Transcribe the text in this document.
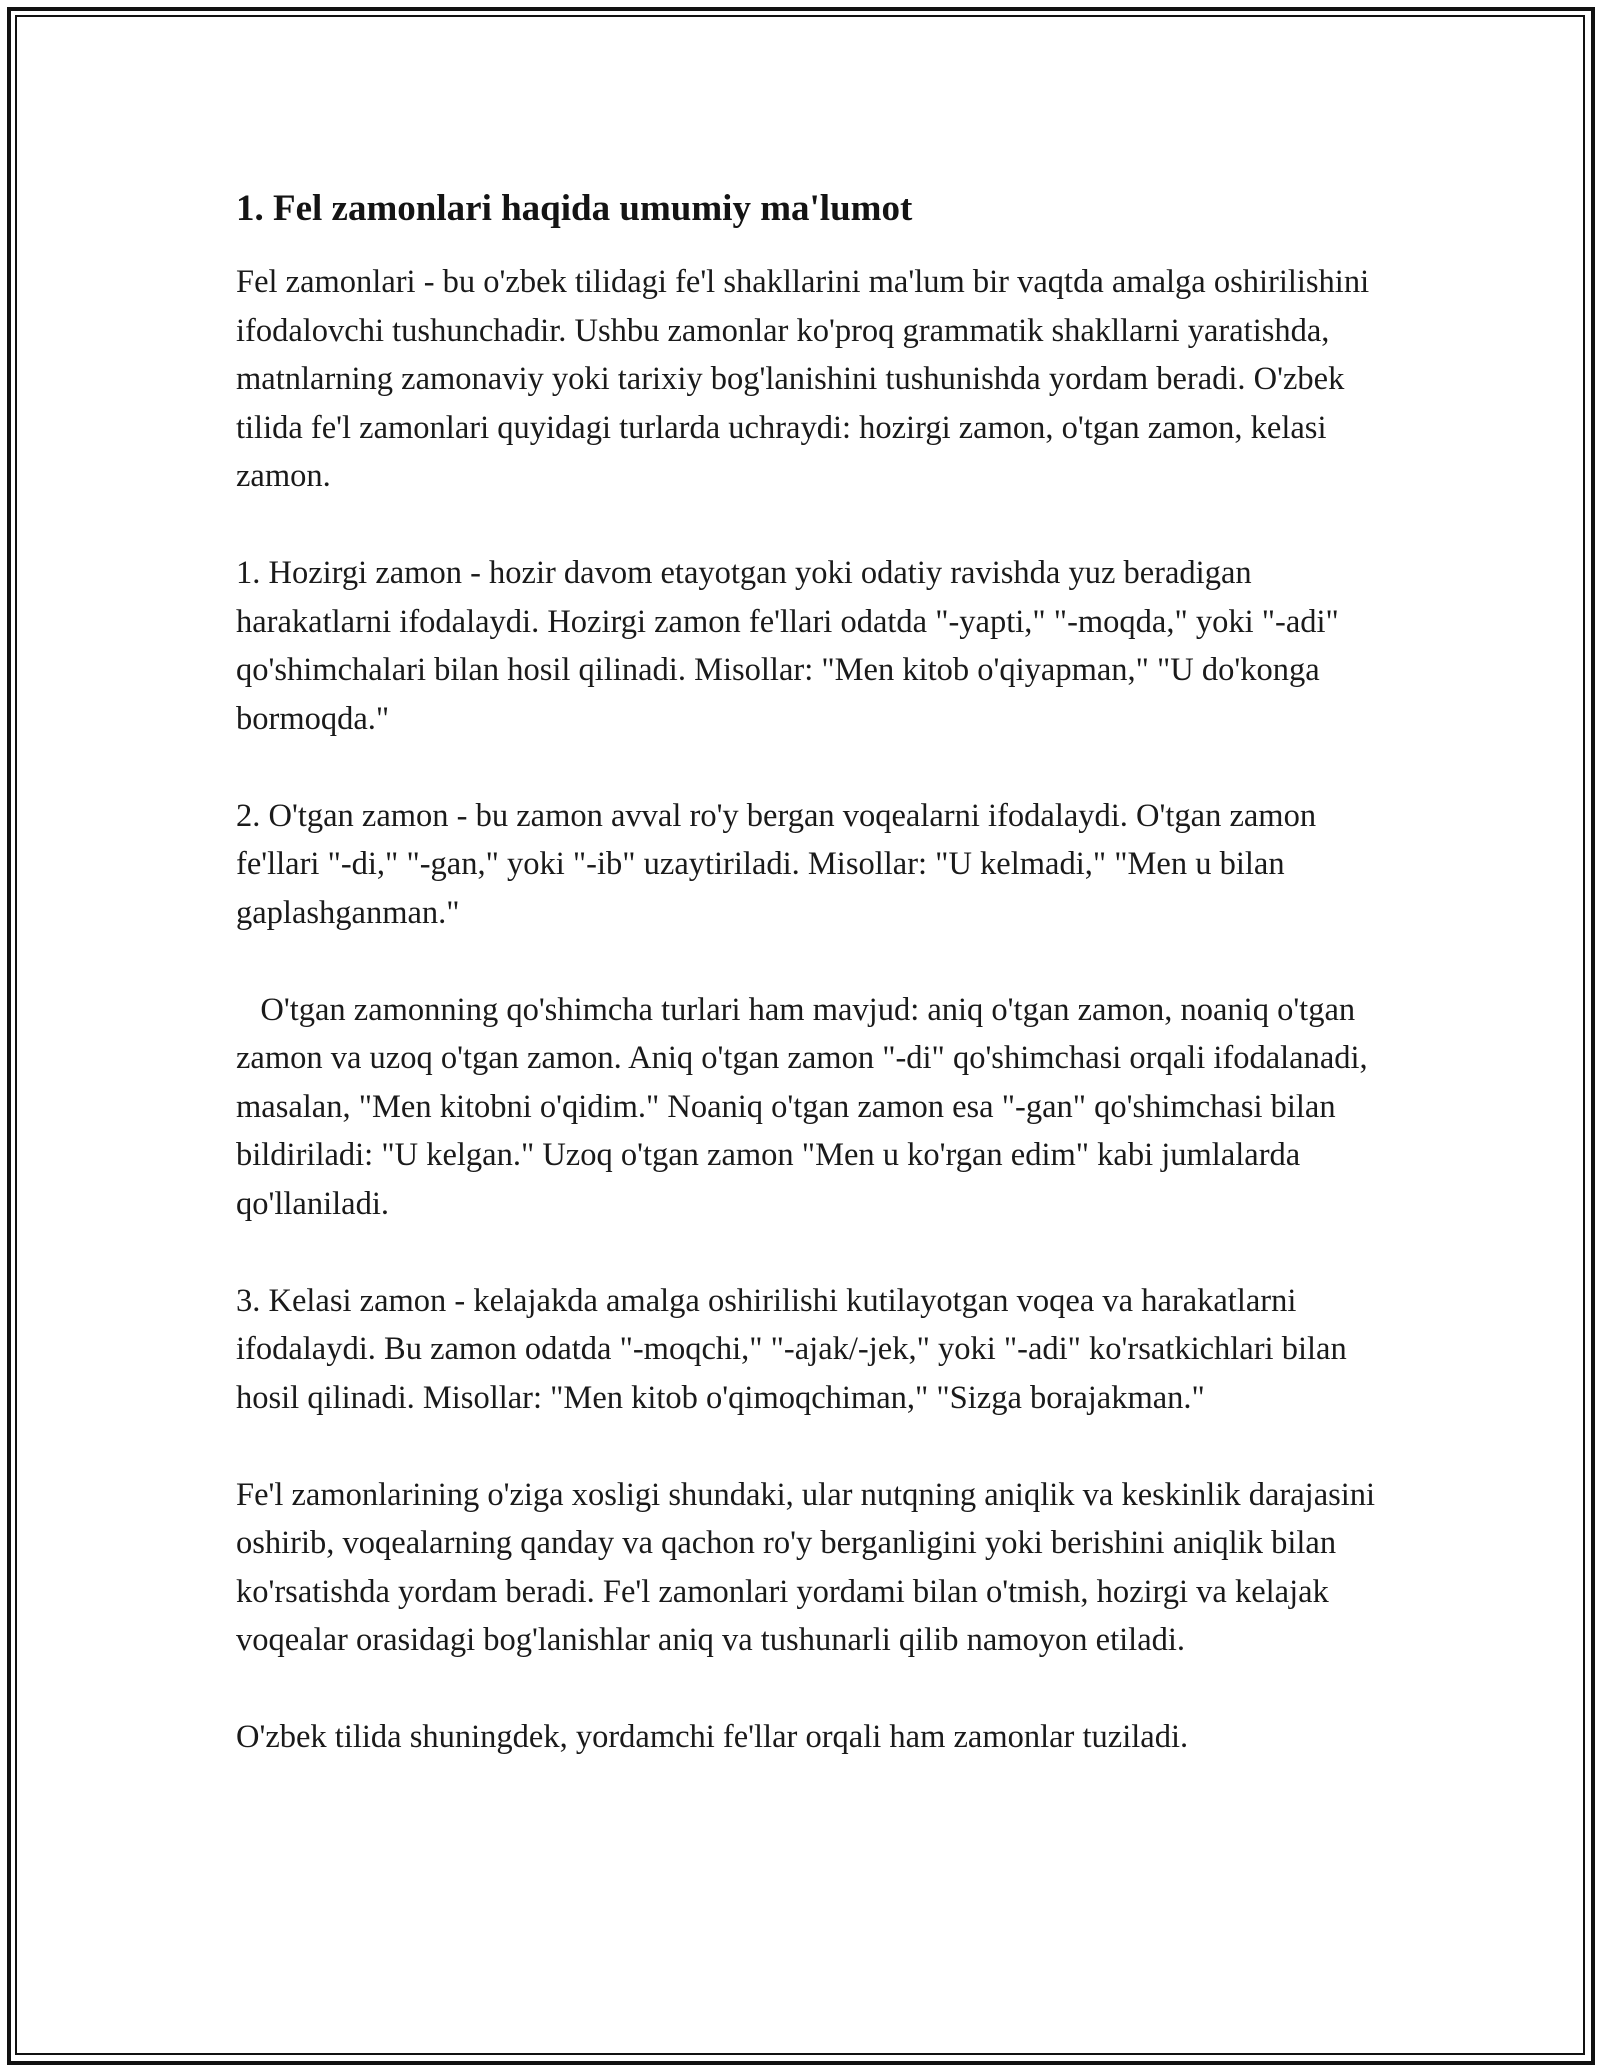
1. Fel zamonlari haqida umumiy ma'lumot

Fel zamonlari - bu o'zbek tilidagi fe'l shakllarini ma'lum bir vaqtda amalga oshirilishini ifodalovchi tushunchadir. Ushbu zamonlar ko'proq grammatik shakllarni yaratishda, matnlarning zamonaviy yoki tarixiy bog'lanishini tushunishda yordam beradi. O'zbek tilida fe'l zamonlari quyidagi turlarda uchraydi: hozirgi zamon, o'tgan zamon, kelasi zamon.

1. Hozirgi zamon - hozir davom etayotgan yoki odatiy ravishda yuz beradigan harakatlarni ifodalaydi. Hozirgi zamon fe'llari odatda "-yapti," "-moqda," yoki "-adi" qo'shimchalari bilan hosil qilinadi. Misollar: "Men kitob o'qiyapman," "U do'konga bormoqda."

2. O'tgan zamon - bu zamon avval ro'y bergan voqealarni ifodalaydi. O'tgan zamon fe'llari "-di," "-gan," yoki "-ib" uzaytiriladi. Misollar: "U kelmadi," "Men u bilan gaplashganman."

O'tgan zamonning qo'shimcha turlari ham mavjud: aniq o'tgan zamon, noaniq o'tgan zamon va uzoq o'tgan zamon. Aniq o'tgan zamon "-di" qo'shimchasi orqali ifodalanadi, masalan, "Men kitobni o'qidim." Noaniq o'tgan zamon esa "-gan" qo'shimchasi bilan bildiriladi: "U kelgan." Uzoq o'tgan zamon "Men u ko'rgan edim" kabi jumlalarda qo'llaniladi.

3. Kelasi zamon - kelajakda amalga oshirilishi kutilayotgan voqea va harakatlarni ifodalaydi. Bu zamon odatda "-moqchi," "-ajak/-jek," yoki "-adi" ko'rsatkichlari bilan hosil qilinadi. Misollar: "Men kitob o'qimoqchiman," "Sizga borajakman."

Fe'l zamonlarining o'ziga xosligi shundaki, ular nutqning aniqlik va keskinlik darajasini oshirib, voqealarning qanday va qachon ro'y berganligini yoki berishini aniqlik bilan ko'rsatishda yordam beradi. Fe'l zamonlari yordami bilan o'tmish, hozirgi va kelajak voqealar orasidagi bog'lanishlar aniq va tushunarli qilib namoyon etiladi.

O'zbek tilida shuningdek, yordamchi fe'llar orqali ham zamonlar tuziladi.
